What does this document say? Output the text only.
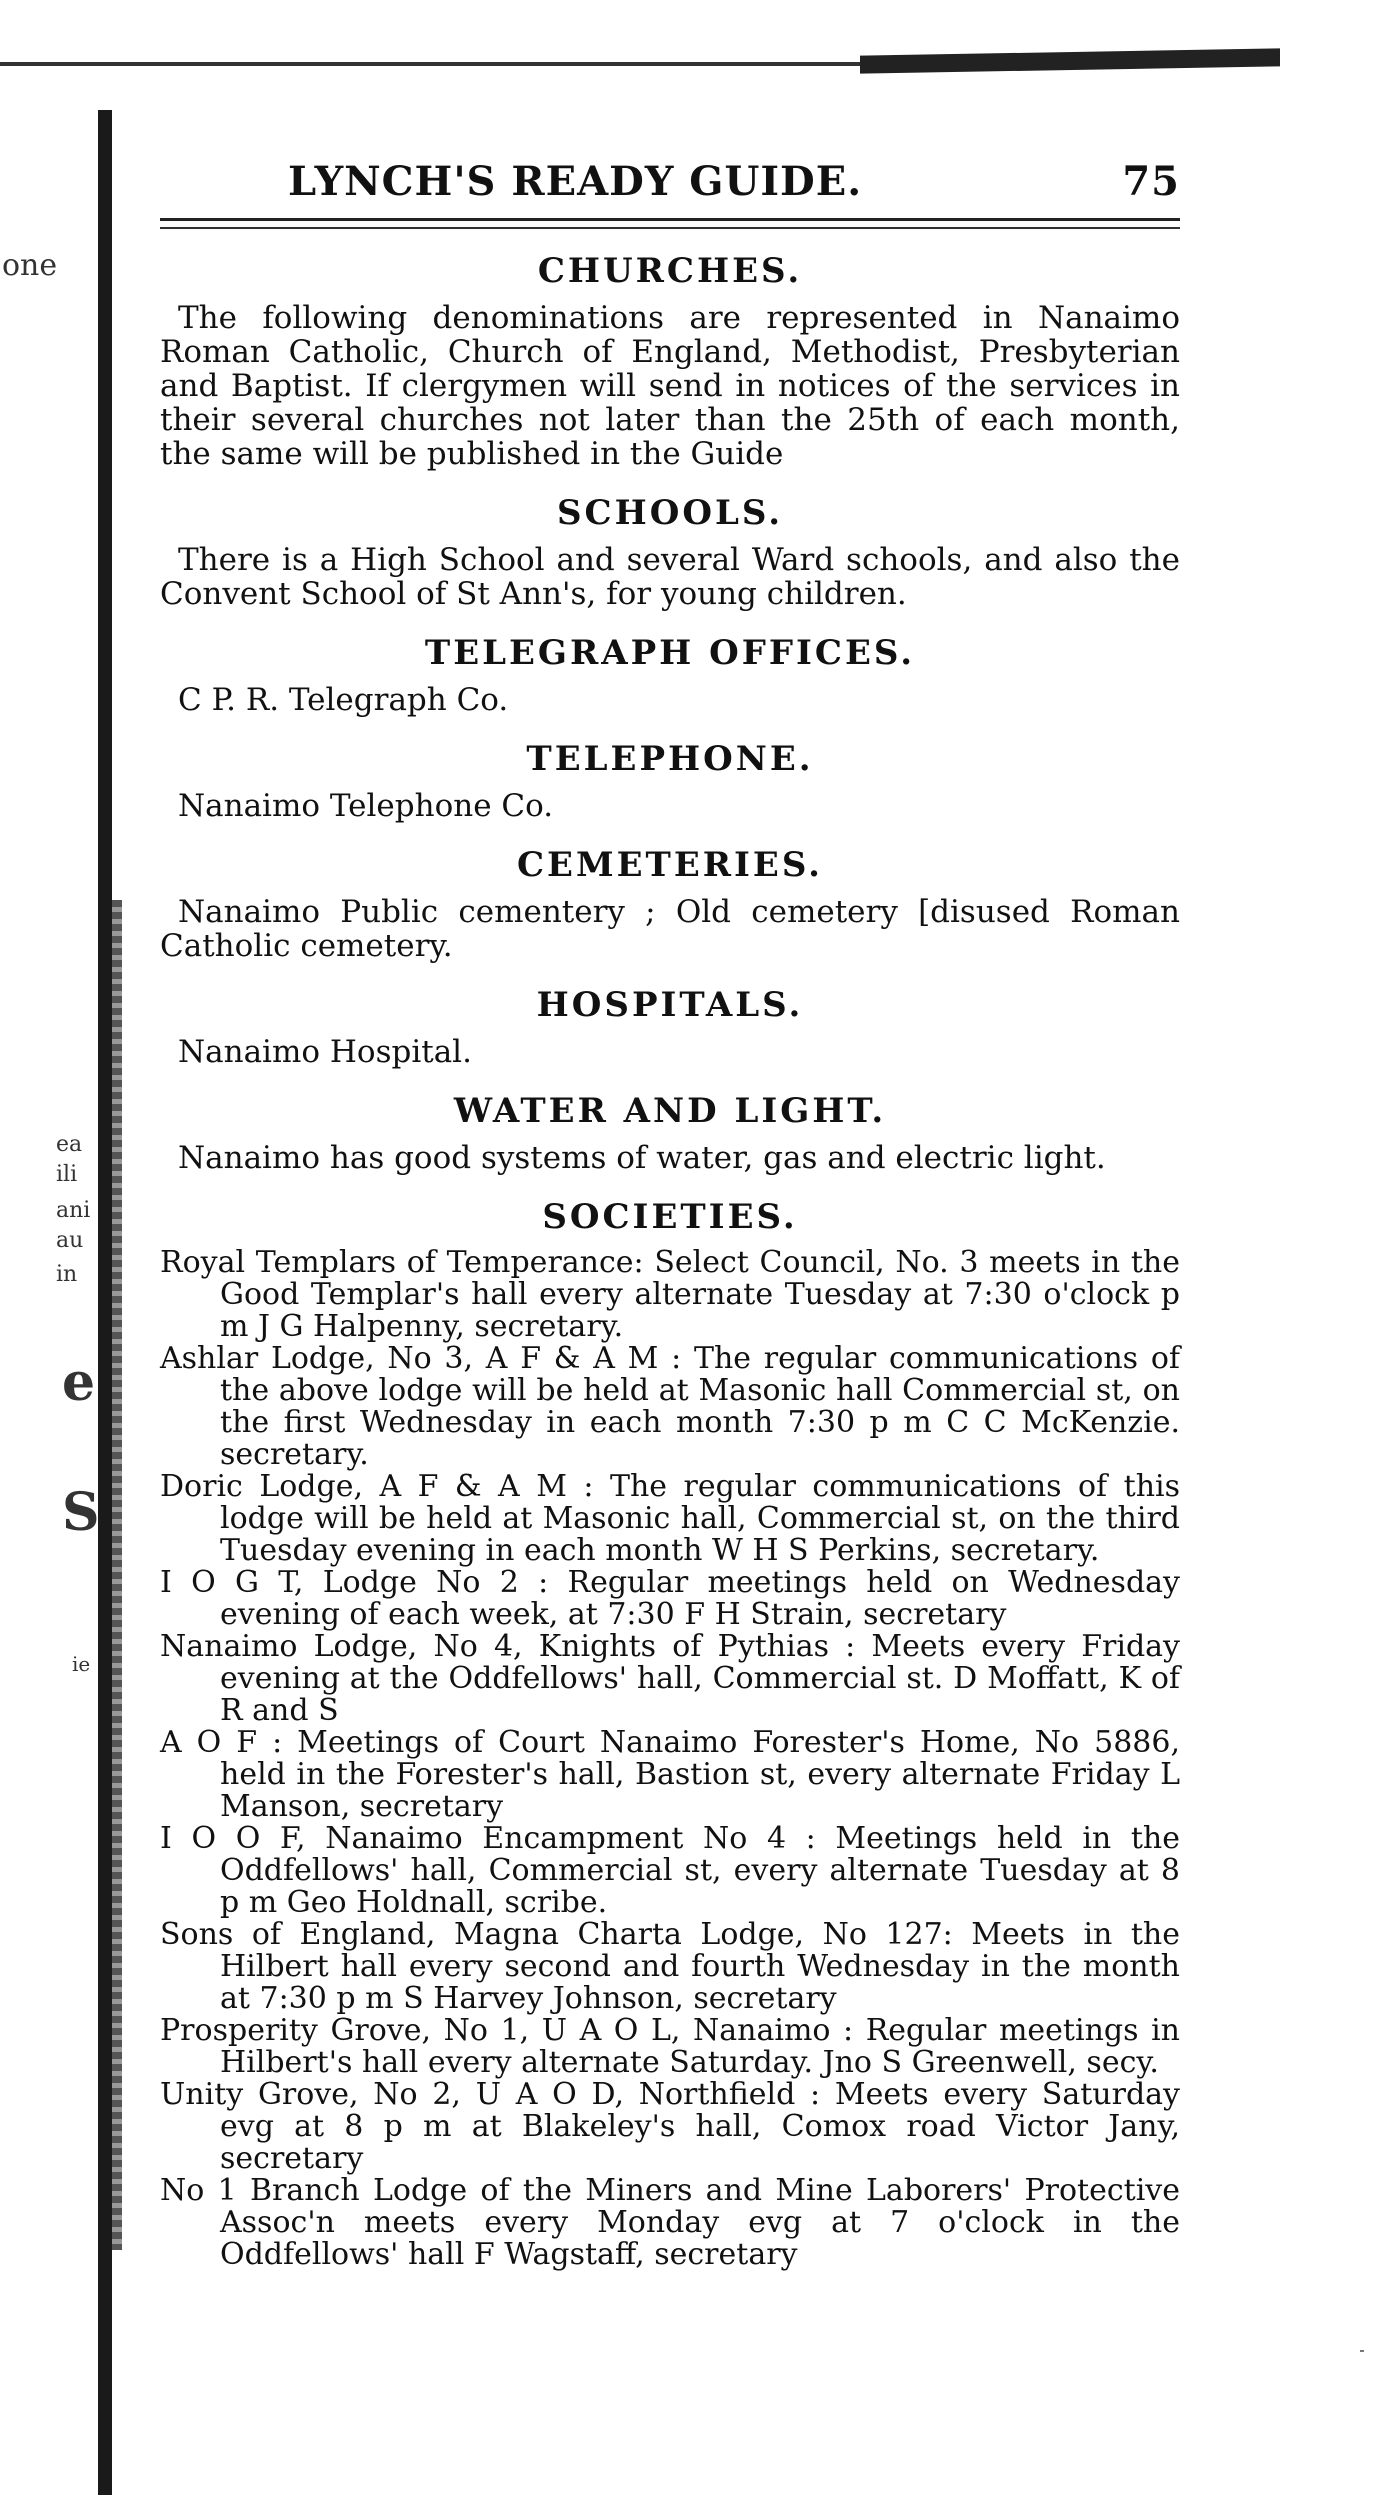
one
ea
ili
ani
au
in
e
S
ie
LYNCH'S READY GUIDE.	75
CHURCHES.

The following denominations are represented in Nanaimo Roman Catholic, Church of England, Methodist, Presbyterian and Baptist. If clergymen will send in notices of the services in their several churches not later than the 25th of each month, the same will be published in the Guide

SCHOOLS.

There is a High School and several Ward schools, and also the Convent School of St Ann's, for young children.

TELEGRAPH OFFICES.

C P. R. Telegraph Co.

TELEPHONE.

Nanaimo Telephone Co.

CEMETERIES.

Nanaimo Public cementery ; Old cemetery [disused Roman Catholic cemetery.

HOSPITALS.

Nanaimo Hospital.

WATER AND LIGHT.

Nanaimo has good systems of water, gas and electric light.

SOCIETIES.

Royal Templars of Temperance: Select Council, No. 3 meets in the Good Templar's hall every alternate Tuesday at 7:30 o'clock p m J G Halpenny, secretary.

Ashlar Lodge, No 3, A F & A M : The regular communications of the above lodge will be held at Masonic hall Commercial st, on the first Wednesday in each month 7:30 p m C C McKenzie. secretary.

Doric Lodge, A F & A M : The regular communications of this lodge will be held at Masonic hall, Commercial st, on the third Tuesday evening in each month W H S Perkins, secretary.

I O G T, Lodge No 2 : Regular meetings held on Wednesday evening of each week, at 7:30 F H Strain, secretary

Nanaimo Lodge, No 4, Knights of Pythias : Meets every Friday evening at the Oddfellows' hall, Commercial st. D Moffatt, K of R and S

A O F : Meetings of Court Nanaimo Forester's Home, No 5886, held in the Forester's hall, Bastion st, every alternate Friday L Manson, secretary

I O O F, Nanaimo Encampment No 4 : Meetings held in the Oddfellows' hall, Commercial st, every alternate Tuesday at 8 p m Geo Holdnall, scribe.

Sons of England, Magna Charta Lodge, No 127: Meets in the Hilbert hall every second and fourth Wednesday in the month at 7:30 p m S Harvey Johnson, secretary

Prosperity Grove, No 1, U A O L, Nanaimo : Regular meetings in Hilbert's hall every alternate Saturday. Jno S Greenwell, secy.

Unity Grove, No 2, U A O D, Northfield : Meets every Saturday evg at 8 p m at Blakeley's hall, Comox road Victor Jany, secretary

No 1 Branch Lodge of the Miners and Mine Laborers' Protective Assoc'n meets every Monday evg at 7 o'clock in the Oddfellows' hall F Wagstaff, secretary
